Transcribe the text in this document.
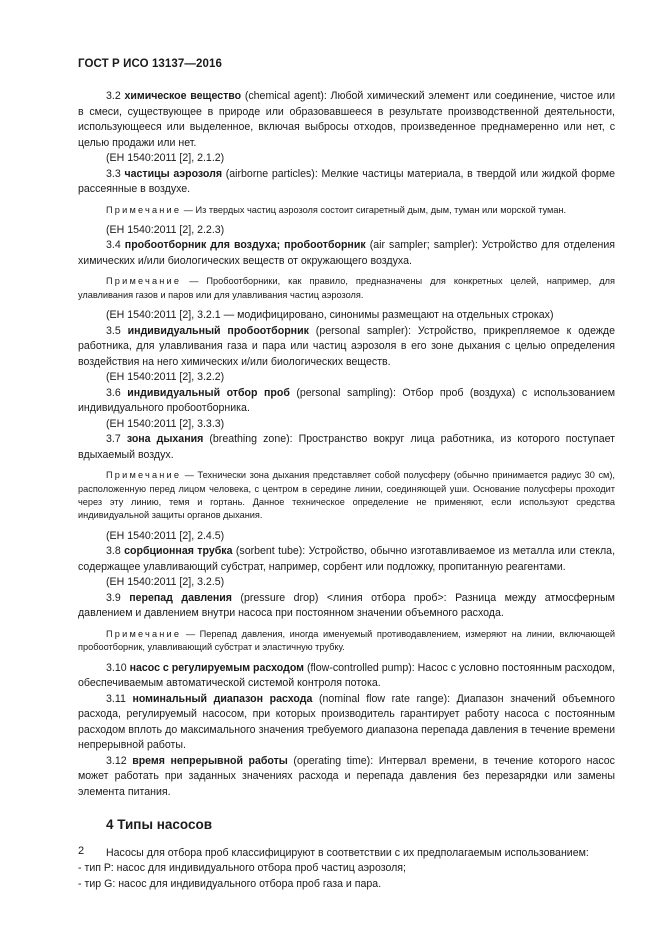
ГОСТ Р ИСО 13137—2016

3.2 химическое вещество (chemical agent): Любой химический элемент или соединение, чистое или в смеси, существующее в природе или образовавшееся в результате производственной деятельности, использующееся или выделенное, включая выбросы отходов, произведенное преднамеренно или нет, с целью продажи или нет.

(ЕН 1540:2011 [2], 2.1.2)

3.3 частицы аэрозоля (airborne particles): Мелкие частицы материала, в твердой или жидкой форме рассеянные в воздухе.

Примечание — Из твердых частиц аэрозоля состоит сигаретный дым, дым, туман или морской туман.

(ЕН 1540:2011 [2], 2.2.3)

3.4 пробоотборник для воздуха; пробоотборник (air sampler; sampler): Устройство для отделения химических и/или биологических веществ от окружающего воздуха.

Примечание — Пробоотборники, как правило, предназначены для конкретных целей, например, для улавливания газов и паров или для улавливания частиц аэрозоля.

(ЕН 1540:2011 [2], 3.2.1 — модифицировано, синонимы размещают на отдельных строках)

3.5 индивидуальный пробоотборник (personal sampler): Устройство, прикрепляемое к одежде работника, для улавливания газа и пара или частиц аэрозоля в его зоне дыхания с целью определения воздействия на него химических и/или биологических веществ.

(ЕН 1540:2011 [2], 3.2.2)

3.6 индивидуальный отбор проб (personal sampling): Отбор проб (воздуха) с использованием индивидуального пробоотборника.

(ЕН 1540:2011 [2], 3.3.3)

3.7 зона дыхания (breathing zone): Пространство вокруг лица работника, из которого поступает вдыхаемый воздух.

Примечание — Технически зона дыхания представляет собой полусферу (обычно принимается радиус 30 см), расположенную перед лицом человека, с центром в середине линии, соединяющей уши. Основание полусферы проходит через эту линию, темя и гортань. Данное техническое определение не применяют, если используют средства индивидуальной защиты органов дыхания.

(ЕН 1540:2011 [2], 2.4.5)

3.8 сорбционная трубка (sorbent tube): Устройство, обычно изготавливаемое из металла или стекла, содержащее улавливающий субстрат, например, сорбент или подложку, пропитанную реагентами.

(ЕН 1540:2011 [2], 3.2.5)

3.9 перепад давления (pressure drop) <линия отбора проб>: Разница между атмосферным давлением и давлением внутри насоса при постоянном значении объемного расхода.

Примечание — Перепад давления, иногда именуемый противодавлением, измеряют на линии, включающей пробоотборник, улавливающий субстрат и эластичную трубку.

3.10 насос с регулируемым расходом (flow-controlled pump): Насос с условно постоянным расходом, обеспечиваемым автоматической системой контроля потока.

3.11 номинальный диапазон расхода (nominal flow rate range): Диапазон значений объемного расхода, регулируемый насосом, при которых производитель гарантирует работу насоса с постоянным расходом вплоть до максимального значения требуемого диапазона перепада давления в течение времени непрерывной работы.

3.12 время непрерывной работы (operating time): Интервал времени, в течение которого насос может работать при заданных значениях расхода и перепада давления без перезарядки или замены элемента питания.

4 Типы насосов

Насосы для отбора проб классифицируют в соответствии с их предполагаемым использованием:

- тип Р: насос для индивидуального отбора проб частиц аэрозоля;

- тир G: насос для индивидуального отбора проб газа и пара.

2
